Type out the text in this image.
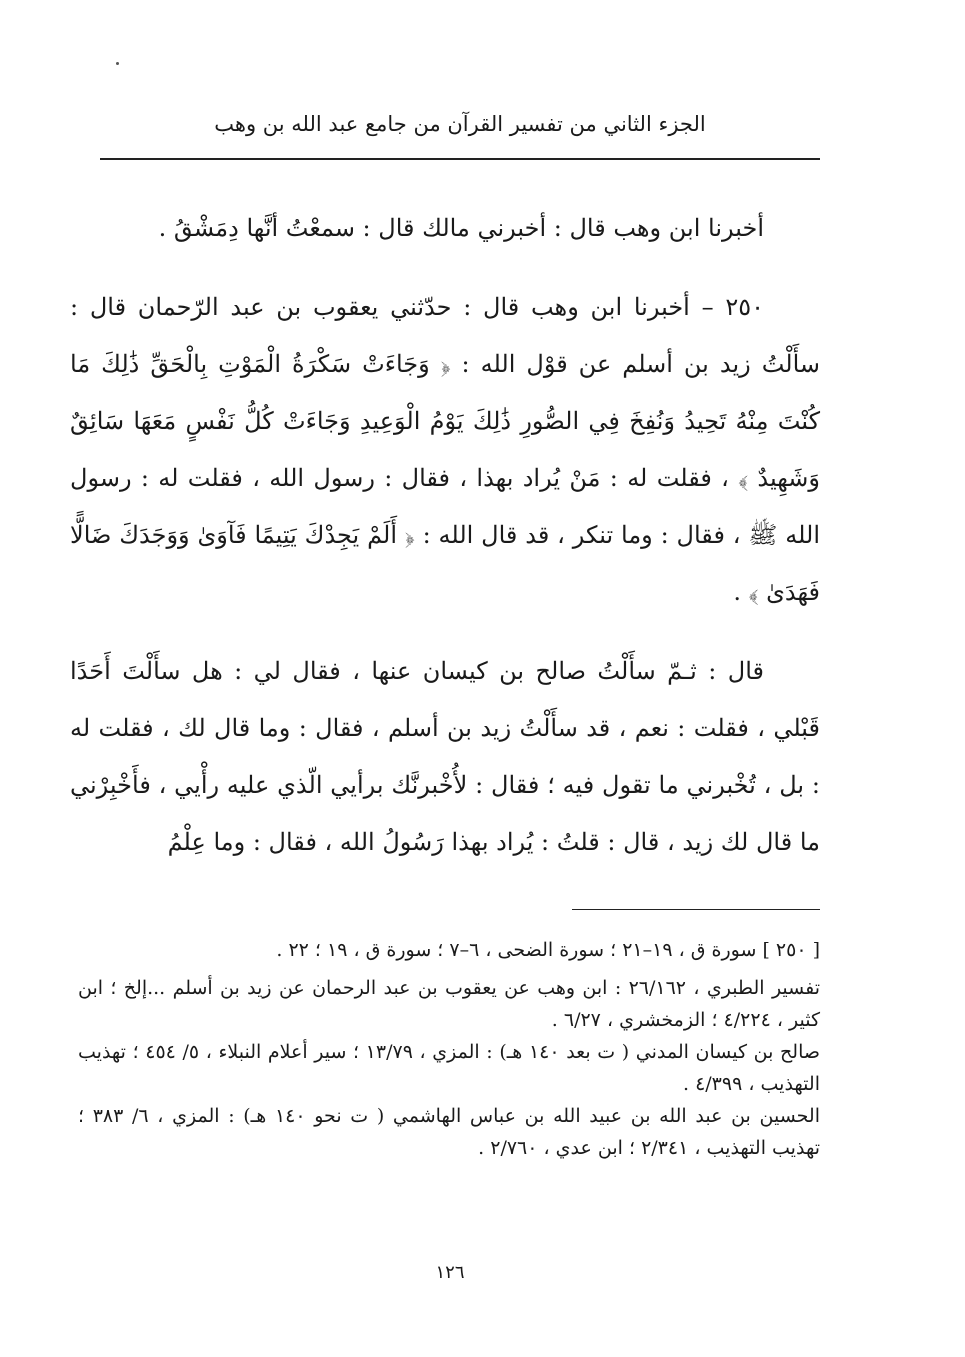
الجزء الثاني من تفسير القرآن من جامع عبد الله بن وهب

أخبرنا ابن وهب قال : أخبرني مالك قال : سمعْتُ أنَّها دِمَشْقُ .

٢٥٠ – أخبرنا ابن وهب قال : حدّثني يعقوب بن عبد الرّحمان قال : سأَلْتُ زيد بن أسلم عن قوْل الله : ﴿ وَجَاءَتْ سَكْرَةُ الْمَوْتِ بِالْحَقِّ ذَٰلِكَ مَا كُنْتَ مِنْهُ تَحِيدُ وَنُفِخَ فِي الصُّورِ ذَٰلِكَ يَوْمُ الْوَعِيدِ وَجَاءَتْ كُلُّ نَفْسٍ مَعَهَا سَائِقٌ وَشَهِيدٌ ﴾ ، فقلت له : مَنْ يُراد بهذا ، فقال : رسول الله ، فقلت له : رسول الله ﷺ ، فقال : وما تنكر ، قد قال الله : ﴿ أَلَمْ يَجِدْكَ يَتِيمًا فَآوَىٰ وَوَجَدَكَ ضَالًّا فَهَدَىٰ ﴾ .

قال : ثـمّ سأَلْتُ صالح بن كيسان عنها ، فقال لي : هل سأَلْتَ أَحَدًا قَبْلي ، فقلت : نعم ، قد سأَلْتُ زيد بن أسلم ، فقال : وما قال لك ، فقلت له : بل ، تُخْبرني ما تقول فيه ؛ فقال : لأُخْبرنَّك برأيي الّذي عليه رأْيي ، فأَخْبِرْني ما قال لك زيد ، قال : قلتُ : يُراد بهذا رَسُولُ الله ، فقال : وما عِلْمُ

[ ٢٥٠ ] سورة ق ، ١٩–٢١ ؛ سورة الضحى ، ٦–٧ ؛ سورة ق ، ١٩ ؛ ٢٢ .

تفسير الطبري ، ٢٦/١٦٢ : ابن وهب عن يعقوب بن عبد الرحمان عن زيد بن أسلم ...إلخ ؛ ابن كثير ، ٤/٢٢٤ ؛ الزمخشري ، ٦/٢٧ .

صالح بن كيسان المدني ( ت بعد ١٤٠ هـ) : المزي ، ١٣/٧٩ ؛ سير أعلام النبلاء ، ٥/ ٤٥٤ ؛ تهذيب التهذيب ، ٤/٣٩٩ .

الحسين بن عبد الله بن عبيد الله بن عباس الهاشمي ( ت نحو ١٤٠ هـ) : المزي ، ٦/ ٣٨٣ ؛ تهذيب التهذيب ، ٢/٣٤١ ؛ ابن عدي ، ٢/٧٦٠ .

١٢٦
